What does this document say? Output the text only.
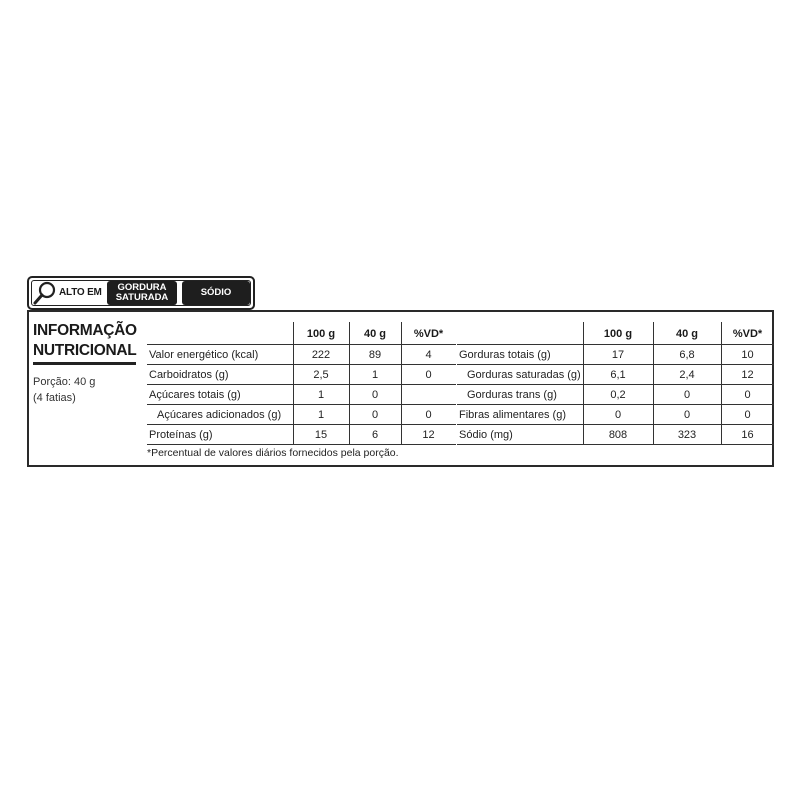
ALTO EM GORDURA
SATURADA	SÓDIO
INFORMAÇÃO
NUTRICIONAL
Porção: 40 g
(4 fatias)
*Percentual de valores diários fornecidos pela porção.
100 g	40 g	%VD*
Valor energético (kcal)	222	89	4
Carboidratos (g)	2,5	1	0
Açúcares totais (g)	1	0
Açúcares adicionados (g)	1	0	0
Proteínas (g)	15	6	12
100 g	40 g	%VD*
Gorduras totais (g)	17	6,8	10
Gorduras saturadas (g)	6,1	2,4	12
Gorduras trans (g)	0,2	0	0
Fibras alimentares (g)	0	0	0
Sódio (mg)	808	323	16
